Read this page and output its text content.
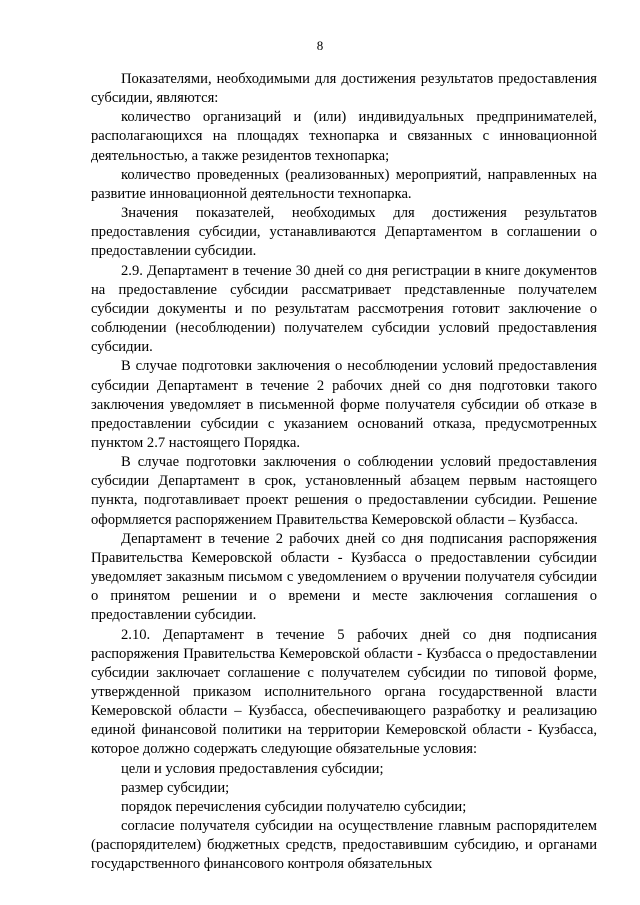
8

Показателями, необходимыми для достижения результатов предоставления субсидии, являются:

количество организаций и (или) индивидуальных предпринимателей, располагающихся на площадях технопарка и связанных с инновационной деятельностью, а также резидентов технопарка;

количество проведенных (реализованных) мероприятий, направленных на развитие инновационной деятельности технопарка.

Значения показателей, необходимых для достижения результатов предоставления субсидии, устанавливаются Департаментом в соглашении о предоставлении субсидии.

2.9. Департамент в течение 30 дней со дня регистрации в книге документов на предоставление субсидии рассматривает представленные получателем субсидии документы и по результатам рассмотрения готовит заключение о соблюдении (несоблюдении) получателем субсидии условий предоставления субсидии.

В случае подготовки заключения о несоблюдении условий предоставления субсидии Департамент в течение 2 рабочих дней со дня подготовки такого заключения уведомляет в письменной форме получателя субсидии об отказе в предоставлении субсидии с указанием оснований отказа, предусмотренных пунктом 2.7 настоящего Порядка.

В случае подготовки заключения о соблюдении условий предоставления субсидии Департамент в срок, установленный абзацем первым настоящего пункта, подготавливает проект решения о предоставлении субсидии. Решение оформляется распоряжением Правительства Кемеровской области – Кузбасса.

Департамент в течение 2 рабочих дней со дня подписания распоряжения Правительства Кемеровской области - Кузбасса о предоставлении субсидии уведомляет заказным письмом с уведомлением о вручении получателя субсидии о принятом решении и о времени и месте заключения соглашения о предоставлении субсидии.

2.10. Департамент в течение 5 рабочих дней со дня подписания распоряжения Правительства Кемеровской области - Кузбасса о предоставлении субсидии заключает соглашение с получателем субсидии по типовой форме, утвержденной приказом исполнительного органа государственной власти Кемеровской области – Кузбасса, обеспечивающего разработку и реализацию единой финансовой политики на территории Кемеровской области - Кузбасса, которое должно содержать следующие обязательные условия:

цели и условия предоставления субсидии;

размер субсидии;

порядок перечисления субсидии получателю субсидии;

согласие получателя субсидии на осуществление главным распорядителем (распорядителем) бюджетных средств, предоставившим субсидию, и органами государственного финансового контроля обязательных
